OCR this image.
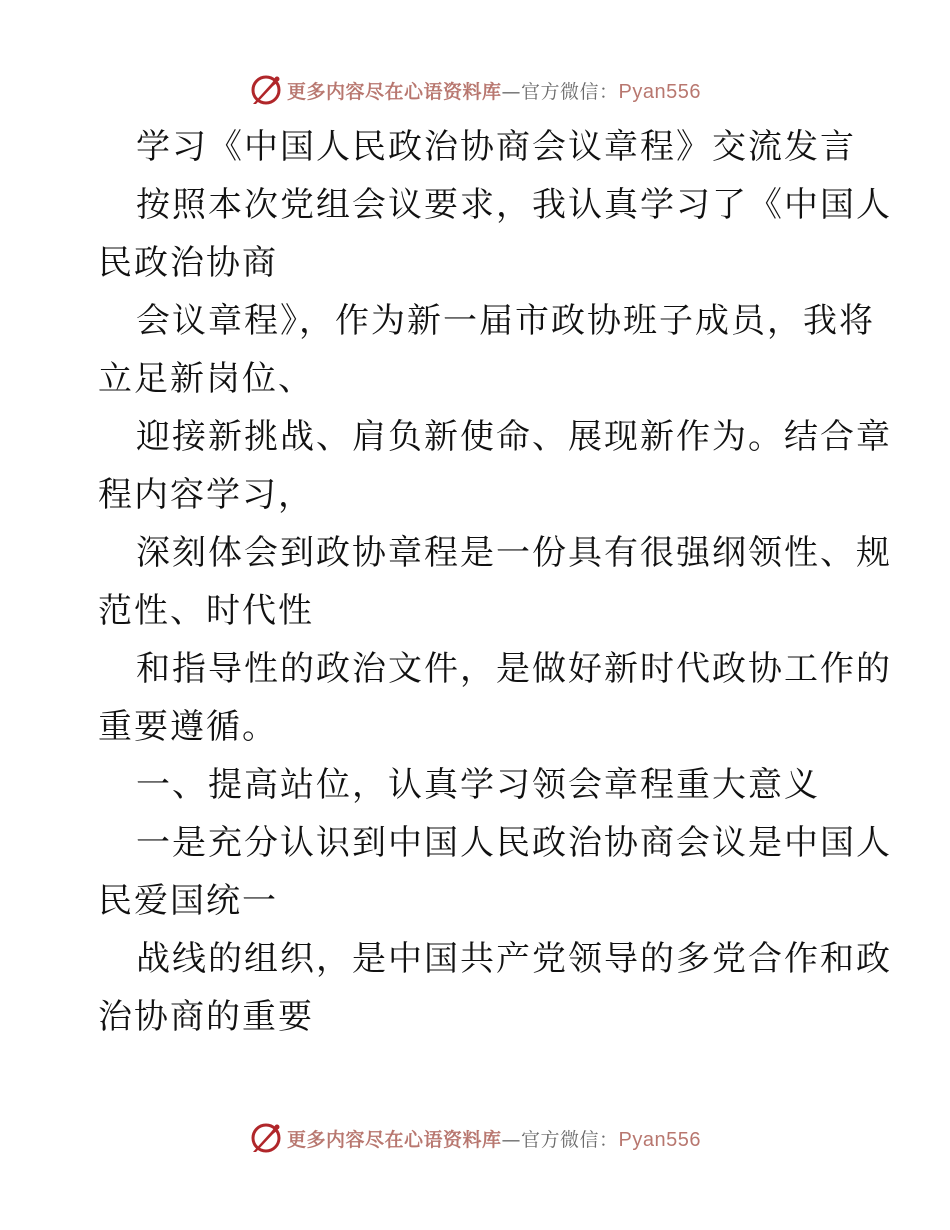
更多内容尽在心语资料库—官方微信：Pyan556
学习《中国人民政治协商会议章程》交流发言
按照本次党组会议要求，我认真学习了《中国人
民政治协商
会议章程》，作为新一届市政协班子成员，我将
立足新岗位、
迎接新挑战、肩负新使命、展现新作为。结合章
程内容学习，
深刻体会到政协章程是一份具有很强纲领性、规
范性、时代性
和指导性的政治文件，是做好新时代政协工作的
重要遵循。
一、提高站位，认真学习领会章程重大意义
一是充分认识到中国人民政治协商会议是中国人
民爱国统一
战线的组织，是中国共产党领导的多党合作和政
治协商的重要
更多内容尽在心语资料库—官方微信：Pyan556
